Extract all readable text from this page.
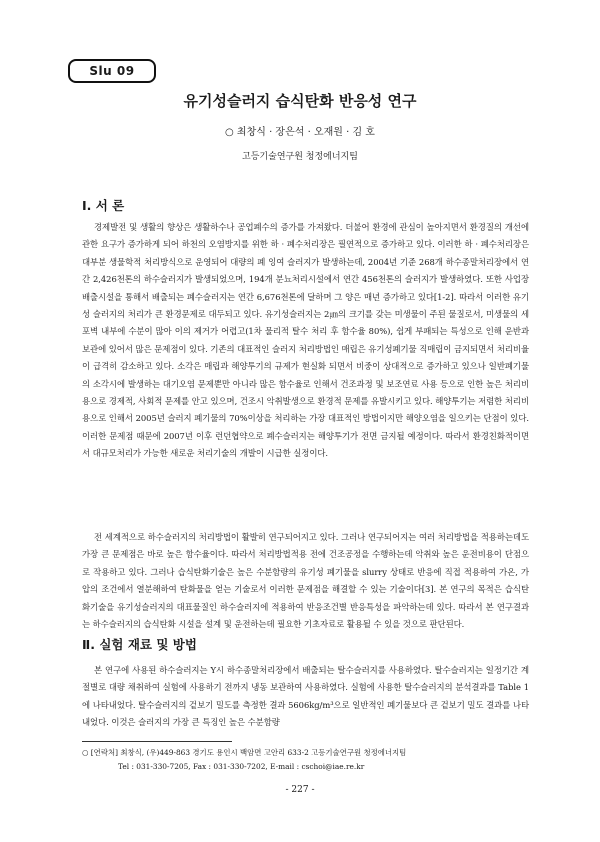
Slu 09
유기성슬러지 습식탄화 반응성 연구
○ 최창식 · 장은석 · 오재원 · 김 호
고등기술연구원 청정에너지팀
Ⅰ. 서 론

경제발전 및 생활의 향상은 생활하수나 공업폐수의 증가를 가져왔다. 더불어 환경에 관심이 높아지면서 환경질의 개선에 관한 요구가 증가하게 되어 하천의 오염방지를 위한 하 · 폐수처리장은 필연적으로 증가하고 있다. 이러한 하 · 폐수처리장은 대부분 생물학적 처리방식으로 운영되어 대량의 폐 잉여 슬러지가 발생하는데, 2004년 기준 268개 하수종말처리장에서 연간 2,426천톤의 하수슬러지가 발생되었으며, 194개 분뇨처리시설에서 연간 456천톤의 슬러지가 발생하였다. 또한 사업장배출시설을 통해서 배출되는 폐수슬러지는 연간 6,676천톤에 달하며 그 양은 매년 증가하고 있다[1-2]. 따라서 이러한 유기성 슬러지의 처리가 큰 환경문제로 대두되고 있다. 유기성슬러지는 2㎛의 크기를 갖는 미생물이 주된 물질로서, 미생물의 세포벽 내부에 수분이 많아 이의 제거가 어렵고(1차 물리적 탈수 처리 후 함수율 80%), 쉽게 부패되는 특성으로 인해 운반과 보관에 있어서 많은 문제점이 있다. 기존의 대표적인 슬러지 처리방법인 매립은 유기성폐기물 직매립이 금지되면서 처리비율이 급격히 감소하고 있다. 소각은 매립과 해양투기의 규제가 현실화 되면서 비중이 상대적으로 증가하고 있으나 일반폐기물의 소각시에 발생하는 대기오염 문제뿐만 아니라 많은 함수율로 인해서 건조과정 및 보조연료 사용 등으로 인한 높은 처리비용으로 경제적, 사회적 문제를 안고 있으며, 건조시 악취발생으로 환경적 문제를 유발시키고 있다. 해양투기는 저렴한 처리비용으로 인해서 2005년 슬러지 폐기물의 70%이상을 처리하는 가장 대표적인 방법이지만 해양오염을 일으키는 단점이 있다. 이러한 문제점 때문에 2007년 이후 런던협약으로 폐수슬러지는 해양투기가 전면 금지될 예정이다. 따라서 환경친화적이면서 대규모처리가 가능한 새로운 처리기술의 개발이 시급한 실정이다.

전 세계적으로 하수슬러지의 처리방법이 활발히 연구되어지고 있다. 그러나 연구되어지는 여러 처리방법을 적용하는데도 가장 큰 문제점은 바로 높은 함수율이다. 따라서 처리방법적용 전에 건조공정을 수행하는데 악취와 높은 운전비용이 단점으로 작용하고 있다. 그러나 습식탄화기술은 높은 수분함량의 유기성 폐기물을 slurry 상태로 반응에 직접 적용하여 가온, 가압의 조건에서 열분해하여 탄화물을 얻는 기술로서 이러한 문제점을 해결할 수 있는 기술이다[3]. 본 연구의 목적은 습식탄화기술을 유기성슬러지의 대표물질인 하수슬러지에 적용하여 반응조건별 반응특성을 파악하는데 있다. 따라서 본 연구결과는 하수슬러지의 습식탄화 시설을 설계 및 운전하는데 필요한 기초자료로 활용될 수 있을 것으로 판단된다.

Ⅱ. 실험 재료 및 방법

본 연구에 사용된 하수슬러지는 Y시 하수종말처리장에서 배출되는 탈수슬러지를 사용하였다. 탈수슬러지는 일정기간 계절별로 대량 채취하여 실험에 사용하기 전까지 냉동 보관하여 사용하였다. 실험에 사용한 탈수슬러지의 분석결과를 Table 1에 나타내었다. 탈수슬러지의 겉보기 밀도를 측정한 결과 5606kg/m³으로 일반적인 폐기물보다 큰 겉보기 밀도 결과를 나타내었다. 이것은 슬러지의 가장 큰 특징인 높은 수분함량

○ [연락처] 최창식, (우)449-863 경기도 용인시 백암면 고안리 633-2 고등기술연구원 청정에너지팀
Tel : 031-330-7205, Fax : 031-330-7202, E-mail : cschoi@iae.re.kr
- 227 -
